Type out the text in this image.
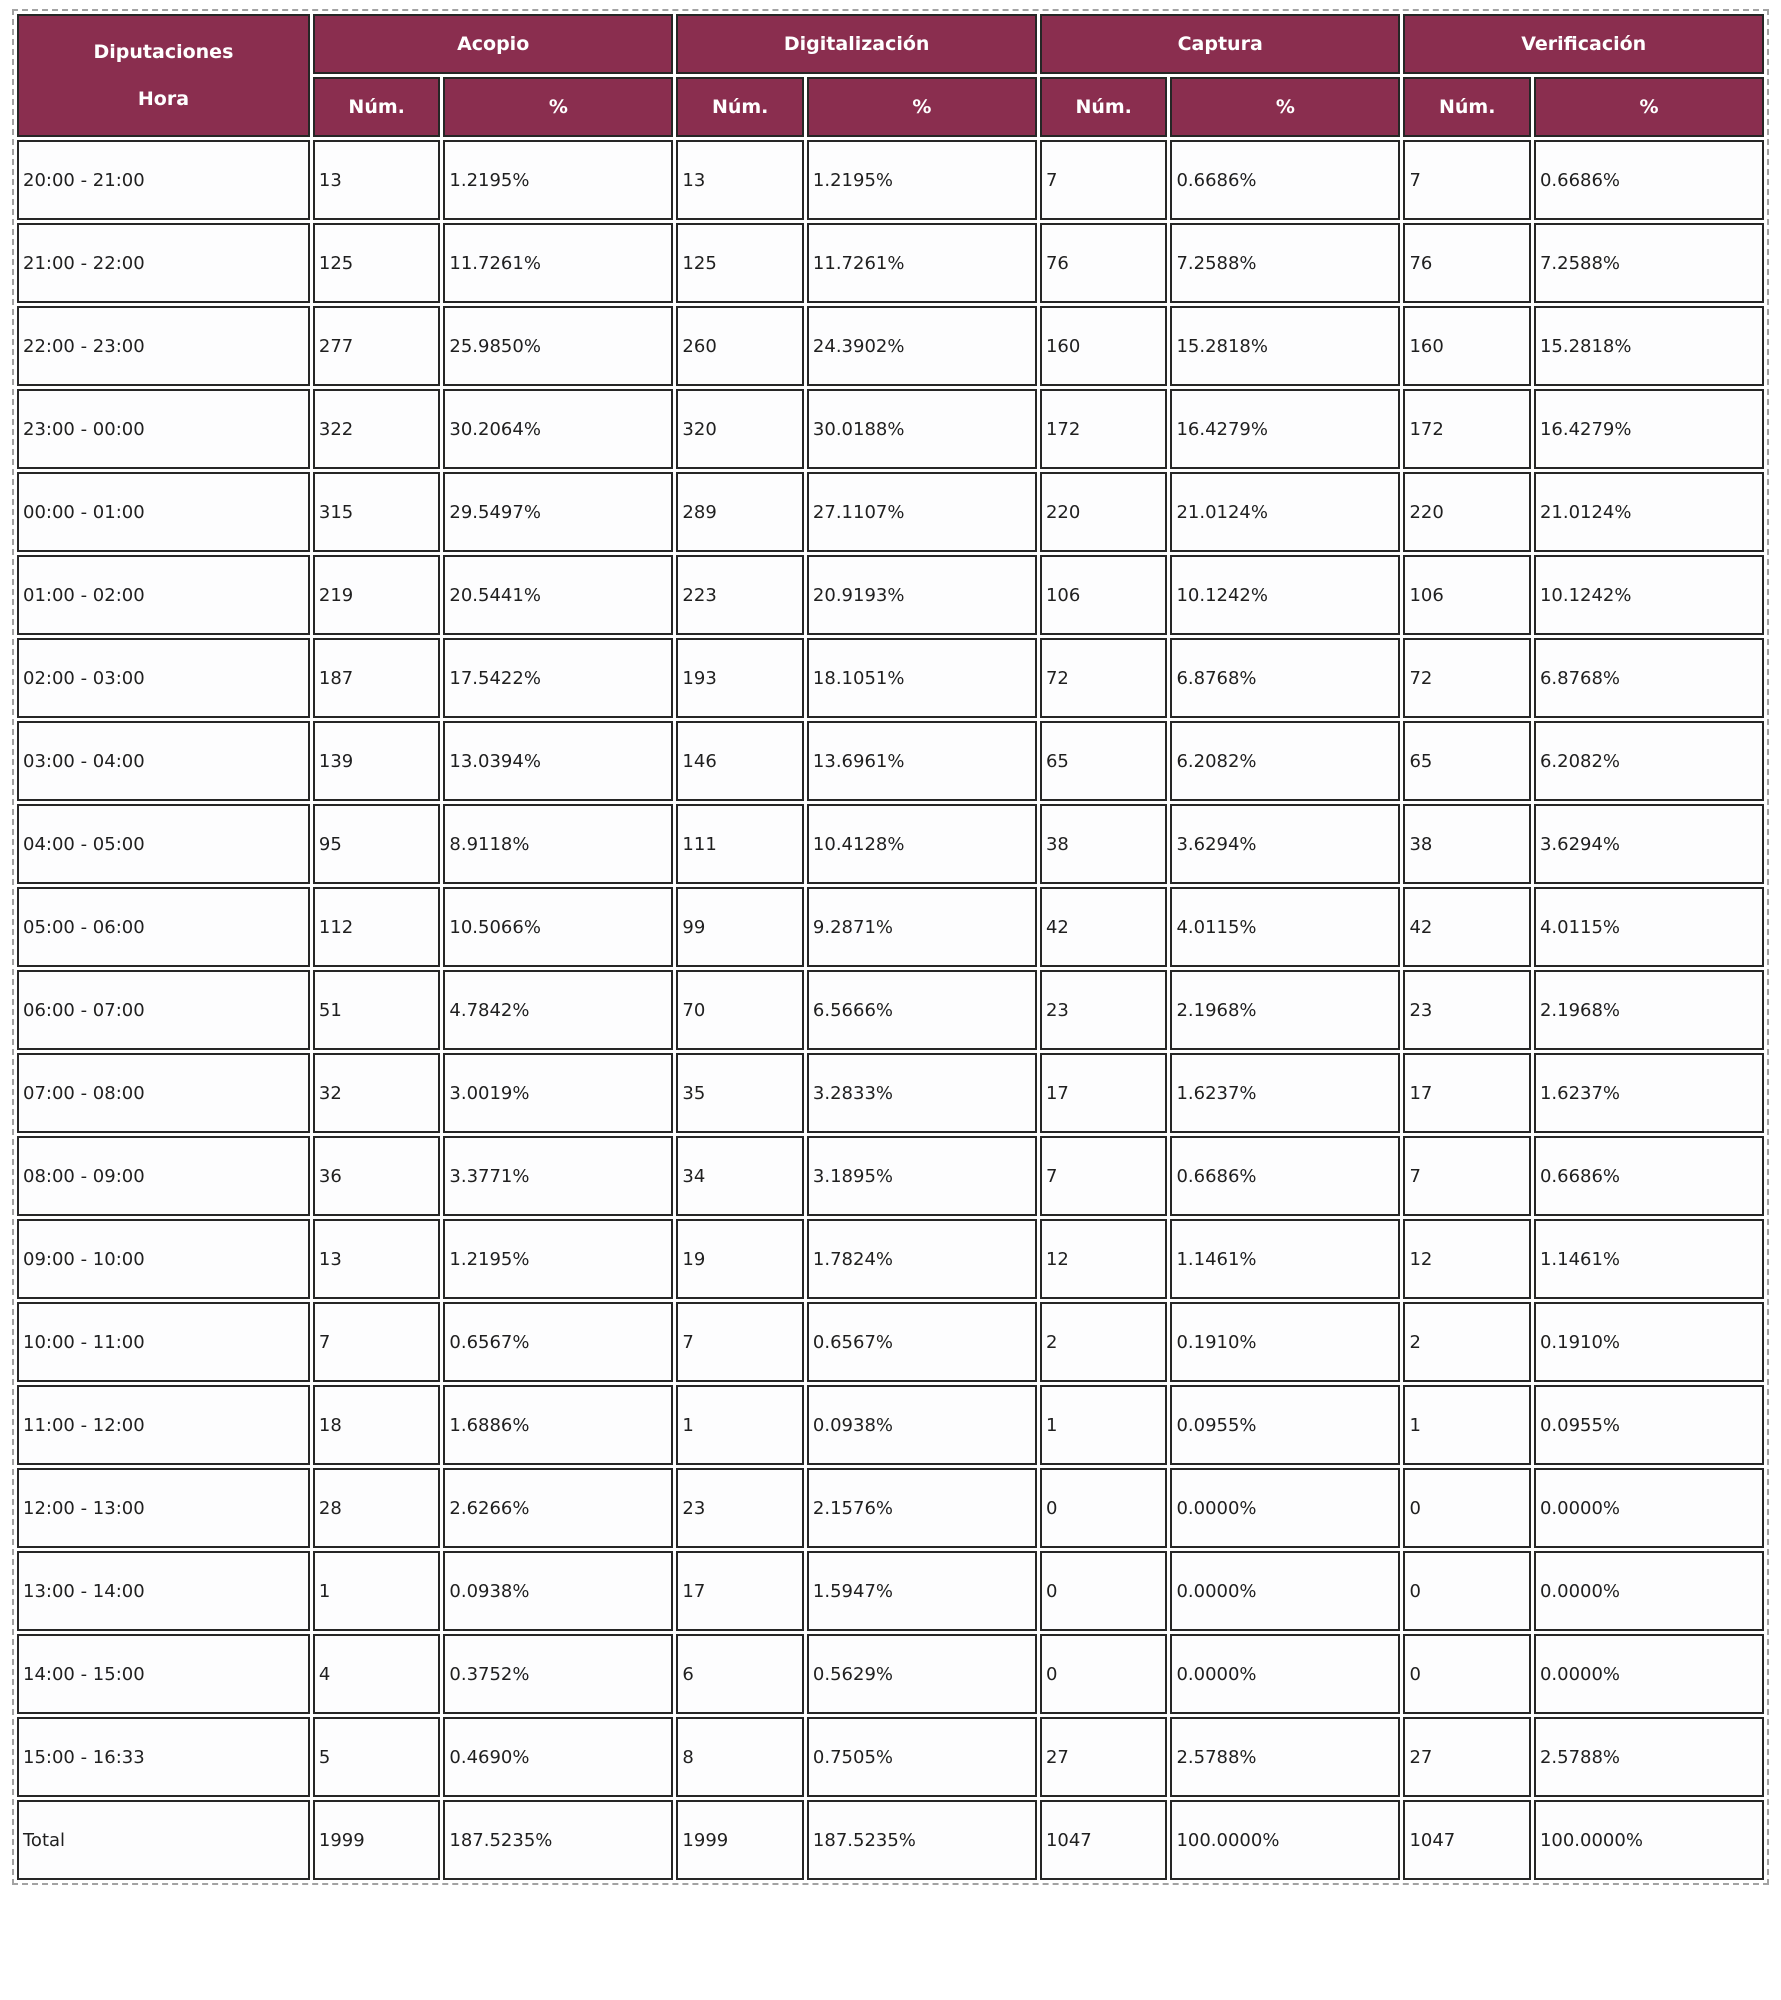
Diputaciones
Hora	Acopio		Digitalización		Captura		Verificación	
	Núm.	%	Núm.	%	Núm.	%	Núm.	%
20:00 - 21:00	13	1.2195%	13	1.2195%	7	0.6686%	7	0.6686%
21:00 - 22:00	125	11.7261%	125	11.7261%	76	7.2588%	76	7.2588%
22:00 - 23:00	277	25.9850%	260	24.3902%	160	15.2818%	160	15.2818%
23:00 - 00:00	322	30.2064%	320	30.0188%	172	16.4279%	172	16.4279%
00:00 - 01:00	315	29.5497%	289	27.1107%	220	21.0124%	220	21.0124%
01:00 - 02:00	219	20.5441%	223	20.9193%	106	10.1242%	106	10.1242%
02:00 - 03:00	187	17.5422%	193	18.1051%	72	6.8768%	72	6.8768%
03:00 - 04:00	139	13.0394%	146	13.6961%	65	6.2082%	65	6.2082%
04:00 - 05:00	95	8.9118%	111	10.4128%	38	3.6294%	38	3.6294%
05:00 - 06:00	112	10.5066%	99	9.2871%	42	4.0115%	42	4.0115%
06:00 - 07:00	51	4.7842%	70	6.5666%	23	2.1968%	23	2.1968%
07:00 - 08:00	32	3.0019%	35	3.2833%	17	1.6237%	17	1.6237%
08:00 - 09:00	36	3.3771%	34	3.1895%	7	0.6686%	7	0.6686%
09:00 - 10:00	13	1.2195%	19	1.7824%	12	1.1461%	12	1.1461%
10:00 - 11:00	7	0.6567%	7	0.6567%	2	0.1910%	2	0.1910%
11:00 - 12:00	18	1.6886%	1	0.0938%	1	0.0955%	1	0.0955%
12:00 - 13:00	28	2.6266%	23	2.1576%	0	0.0000%	0	0.0000%
13:00 - 14:00	1	0.0938%	17	1.5947%	0	0.0000%	0	0.0000%
14:00 - 15:00	4	0.3752%	6	0.5629%	0	0.0000%	0	0.0000%
15:00 - 16:33	5	0.4690%	8	0.7505%	27	2.5788%	27	2.5788%
Total	1999	187.5235%	1999	187.5235%	1047	100.0000%	1047	100.0000%
